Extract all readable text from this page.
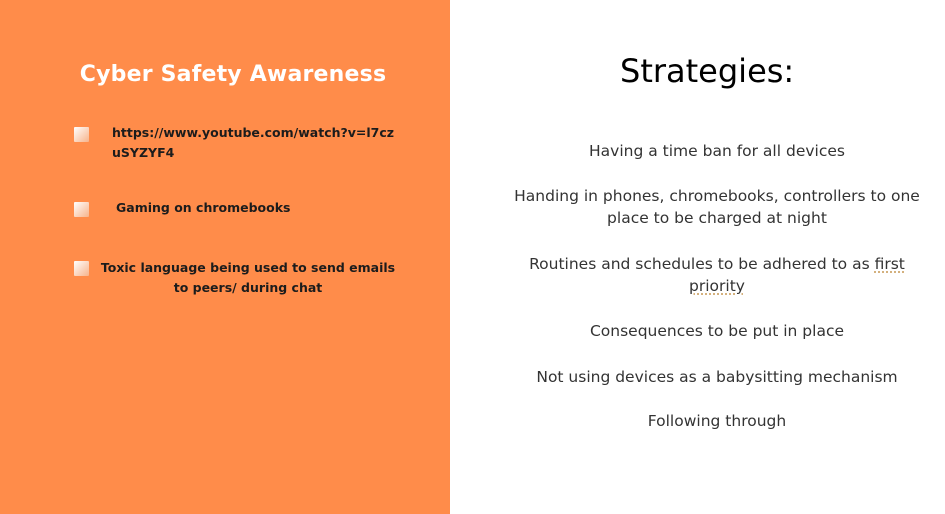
Cyber Safety Awareness
https://www.youtube.com/watch?v=l7czuSYZYF4
Gaming on chromebooks
Toxic language being used to send emails to peers/ during chat
Strategies:
Having a time ban for all devices
Handing in phones, chromebooks, controllers to one place to be charged at night
Routines and schedules to be adhered to as first priority
Consequences to be put in place
Not using devices as a babysitting mechanism
Following through
